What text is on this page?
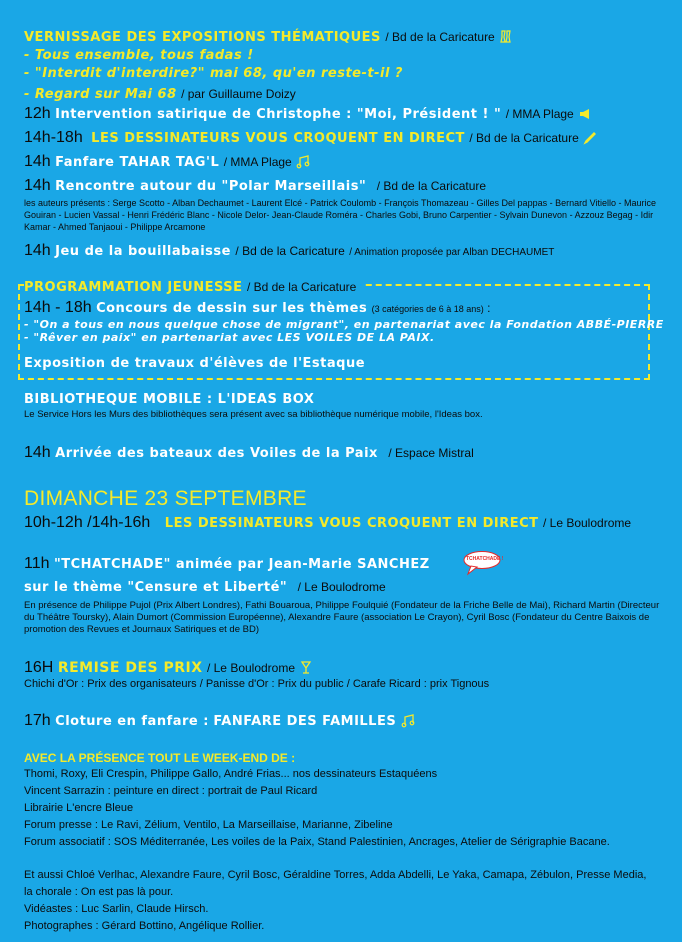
VERNISSAGE DES EXPOSITIONS THÉMATIQUES / Bd de la Caricature
- Tous ensemble, tous fadas !
- "Interdit d'interdire?" mai 68, qu'en reste-t-il ?
- Regard sur Mai 68 / par Guillaume Doizy
12h Intervention satirique de Christophe : "Moi, Président ! " / MMA Plage
14h-18h LES DESSINATEURS VOUS CROQUENT EN DIRECT / Bd de la Caricature
14h Fanfare TAHAR TAG'L / MMA Plage
14h Rencontre autour du "Polar Marseillais" / Bd de la Caricature
les auteurs présents : Serge Scotto - Alban Dechaumet - Laurent Elcé - Patrick Coulomb - François Thomazeau - Gilles Del pappas - Bernard Vitiello - Maurice Gouiran - Lucien Vassal - Henri Frédéric Blanc - Nicole Delor- Jean-Claude Roméra - Charles Gobi, Bruno Carpentier - Sylvain Dunevon - Azzouz Begag - Idir Kamar - Ahmed Tanjaoui - Philippe Arcamone
14h Jeu de la bouillabaisse / Bd de la Caricature / Animation proposée par Alban DECHAUMET
PROGRAMMATION JEUNESSE / Bd de la Caricature
14h - 18h Concours de dessin sur les thèmes (3 catégories de 6 à 18 ans) :
- "On a tous en nous quelque chose de migrant", en partenariat avec la Fondation ABBÉ-PIERRE
- "Rêver en paix" en partenariat avec LES VOILES DE LA PAIX.
Exposition de travaux d'élèves de l'Estaque
BIBLIOTHEQUE MOBILE : L'IDEAS BOX
Le Service Hors les Murs des bibliothèques sera présent avec sa bibliothèque numérique mobile, l'Ideas box.
14h Arrivée des bateaux des Voiles de la Paix / Espace Mistral
DIMANCHE 23 SEPTEMBRE
10h-12h /14h-16h LES DESSINATEURS VOUS CROQUENT EN DIRECT / Le Boulodrome
11h "TCHATCHADE" animée par Jean-Marie SANCHEZ
sur le thème "Censure et Liberté" / Le Boulodrome
En présence de Philippe Pujol (Prix Albert Londres), Fathi Bouaroua, Philippe Foulquié (Fondateur de la Friche Belle de Mai), Richard Martin (Directeur du Théâtre Toursky), Alain Dumort (Commission Européenne), Alexandre Faure (association Le Crayon), Cyril Bosc (Fondateur du Centre Baixois de promotion des Revues et Journaux Satiriques et de BD)
TCHATCHADE !
16H REMISE DES PRIX / Le Boulodrome
Chichi d'Or : Prix des organisateurs / Panisse d'Or : Prix du public / Carafe Ricard : prix Tignous
17h Cloture en fanfare : FANFARE DES FAMILLES
AVEC LA PRÉSENCE TOUT LE WEEK-END DE :
Thomi, Roxy, Eli Crespin, Philippe Gallo, André Frias... nos dessinateurs Estaquéens
Vincent Sarrazin : peinture en direct : portrait de Paul Ricard
Librairie L'encre Bleue
Forum presse : Le Ravi, Zélium, Ventilo, La Marseillaise, Marianne, Zibeline
Forum associatif : SOS Méditerranée, Les voiles de la Paix, Stand Palestinien, Ancrages, Atelier de Sérigraphie Bacane.
Et aussi Chloé Verlhac, Alexandre Faure, Cyril Bosc, Géraldine Torres, Adda Abdelli, Le Yaka, Camapa, Zébulon, Presse Media,
la chorale : On est pas là pour.
Vidéastes : Luc Sarlin, Claude Hirsch.
Photographes : Gérard Bottino, Angélique Rollier.
